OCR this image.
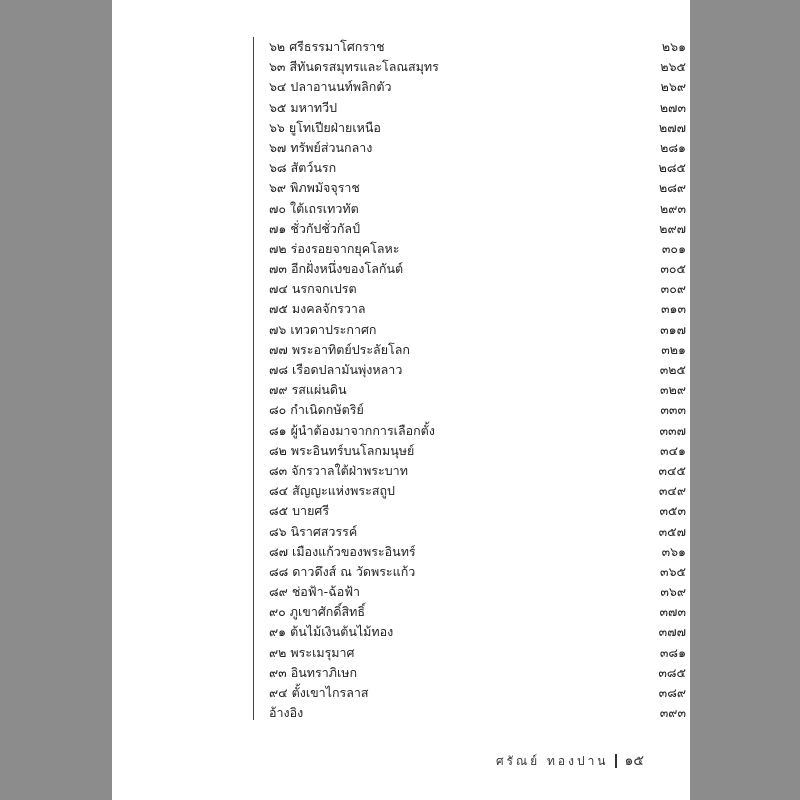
๖๒ ศรีธรรมาโศกราช	๒๖๑
๖๓ สีทันดรสมุทรและโลณสมุทร	๒๖๕
๖๔ ปลาอานนท์พลิกตัว	๒๖๙
๖๕ มหาทวีป	๒๗๓
๖๖ ยูโทเปียฝ่ายเหนือ	๒๗๗
๖๗ ทรัพย์ส่วนกลาง	๒๘๑
๖๘ สัตว์นรก	๒๘๕
๖๙ พิภพมัจจุราช	๒๘๙
๗๐ ใต้เถรเทวทัต	๒๙๓
๗๑ ชั่วกัปชั่วกัลป์	๒๙๗
๗๒ ร่องรอยจากยุคโลหะ	๓๐๑
๗๓ อีกฝั่งหนึ่งของโลกันต์	๓๐๕
๗๔ นรกจกเปรต	๓๐๙
๗๕ มงคลจักรวาล	๓๑๓
๗๖ เทวดาประกาศก	๓๑๗
๗๗ พระอาทิตย์ประลัยโลก	๓๒๑
๗๘ เรือดปลามันพุ่งหลาว	๓๒๕
๗๙ รสแผ่นดิน	๓๒๙
๘๐ กำเนิดกษัตริย์	๓๓๓
๘๑ ผู้นำต้องมาจากการเลือกตั้ง	๓๓๗
๘๒ พระอินทร์บนโลกมนุษย์	๓๔๑
๘๓ จักรวาลใต้ฝ่าพระบาท	๓๔๕
๘๔ สัญญะแห่งพระสถูป	๓๔๙
๘๕ บายศรี	๓๕๓
๘๖ นิราศสวรรค์	๓๕๗
๘๗ เมืองแก้วของพระอินทร์	๓๖๑
๘๘ ดาวดึงส์ ณ วัดพระแก้ว	๓๖๕
๘๙ ช่อฟ้า-ฉ้อฟ้า	๓๖๙
๙๐ ภูเขาศักดิ์สิทธิ์	๓๗๓
๙๑ ต้นไม้เงินต้นไม้ทอง	๓๗๗
๙๒ พระเมรุมาศ	๓๘๑
๙๓ อินทราภิเษก	๓๘๕
๙๔ ตั้งเขาไกรลาส	๓๘๙
อ้างอิง	๓๙๓
ศรัณย์ ทองปาน ๑๕
